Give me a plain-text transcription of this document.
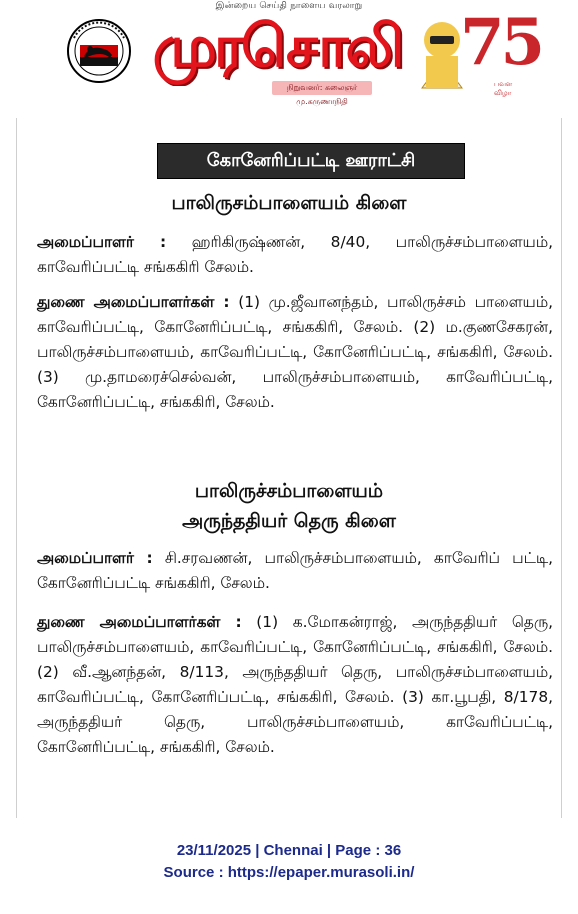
இன்றைய செய்தி நாளைய வரலாறு
முரசொலி
நிறுவனர்: கலைஞர் மு.கருணாநிதி
75
பவள விழா
கோனேரிப்பட்டி ஊராட்சி
பாலிருசம்பாளையம் கிளை
அமைப்பாளர் : ஹரிகிருஷ்ணன், 8/40, பாலிருச்சம்பாளையம், காவேரிப்பட்டி சங்ககிரி சேலம்.
துணை அமைப்பாளர்கள் : (1) மு.ஜீவானந்தம், பாலிருச்சம் பாளையம், காவேரிப்பட்டி, கோனேரிப்பட்டி, சங்ககிரி, சேலம். (2) ம.குணசேகரன், பாலிருச்சம்பாளையம், காவேரிப்பட்டி, கோனேரிப்பட்டி, சங்ககிரி, சேலம். (3) மு.தாமரைச்செல்வன், பாலிருச்சம்பாளையம், காவேரிப்பட்டி, கோனேரிப்பட்டி, சங்ககிரி, சேலம்.
பாலிருச்சம்பாளையம்
அருந்ததியர் தெரு கிளை
அமைப்பாளர் : சி.சரவணன், பாலிருச்சம்பாளையம், காவேரிப் பட்டி, கோனேரிப்பட்டி சங்ககிரி, சேலம்.
துணை அமைப்பாளர்கள் : (1) க.மோகன்ராஜ், அருந்ததியர் தெரு, பாலிருச்சம்பாளையம், காவேரிப்பட்டி, கோனேரிப்பட்டி, சங்ககிரி, சேலம். (2) வீ.ஆனந்தன், 8/113, அருந்ததியர் தெரு, பாலிருச்சம்பாளையம், காவேரிப்பட்டி, கோனேரிப்பட்டி, சங்ககிரி, சேலம். (3) கா.பூபதி, 8/178, அருந்ததியர் தெரு, பாலிருச்சம்பாளையம், காவேரிப்பட்டி, கோனேரிப்பட்டி, சங்ககிரி, சேலம்.
23/11/2025 | Chennai | Page : 36
Source : https://epaper.murasoli.in/
